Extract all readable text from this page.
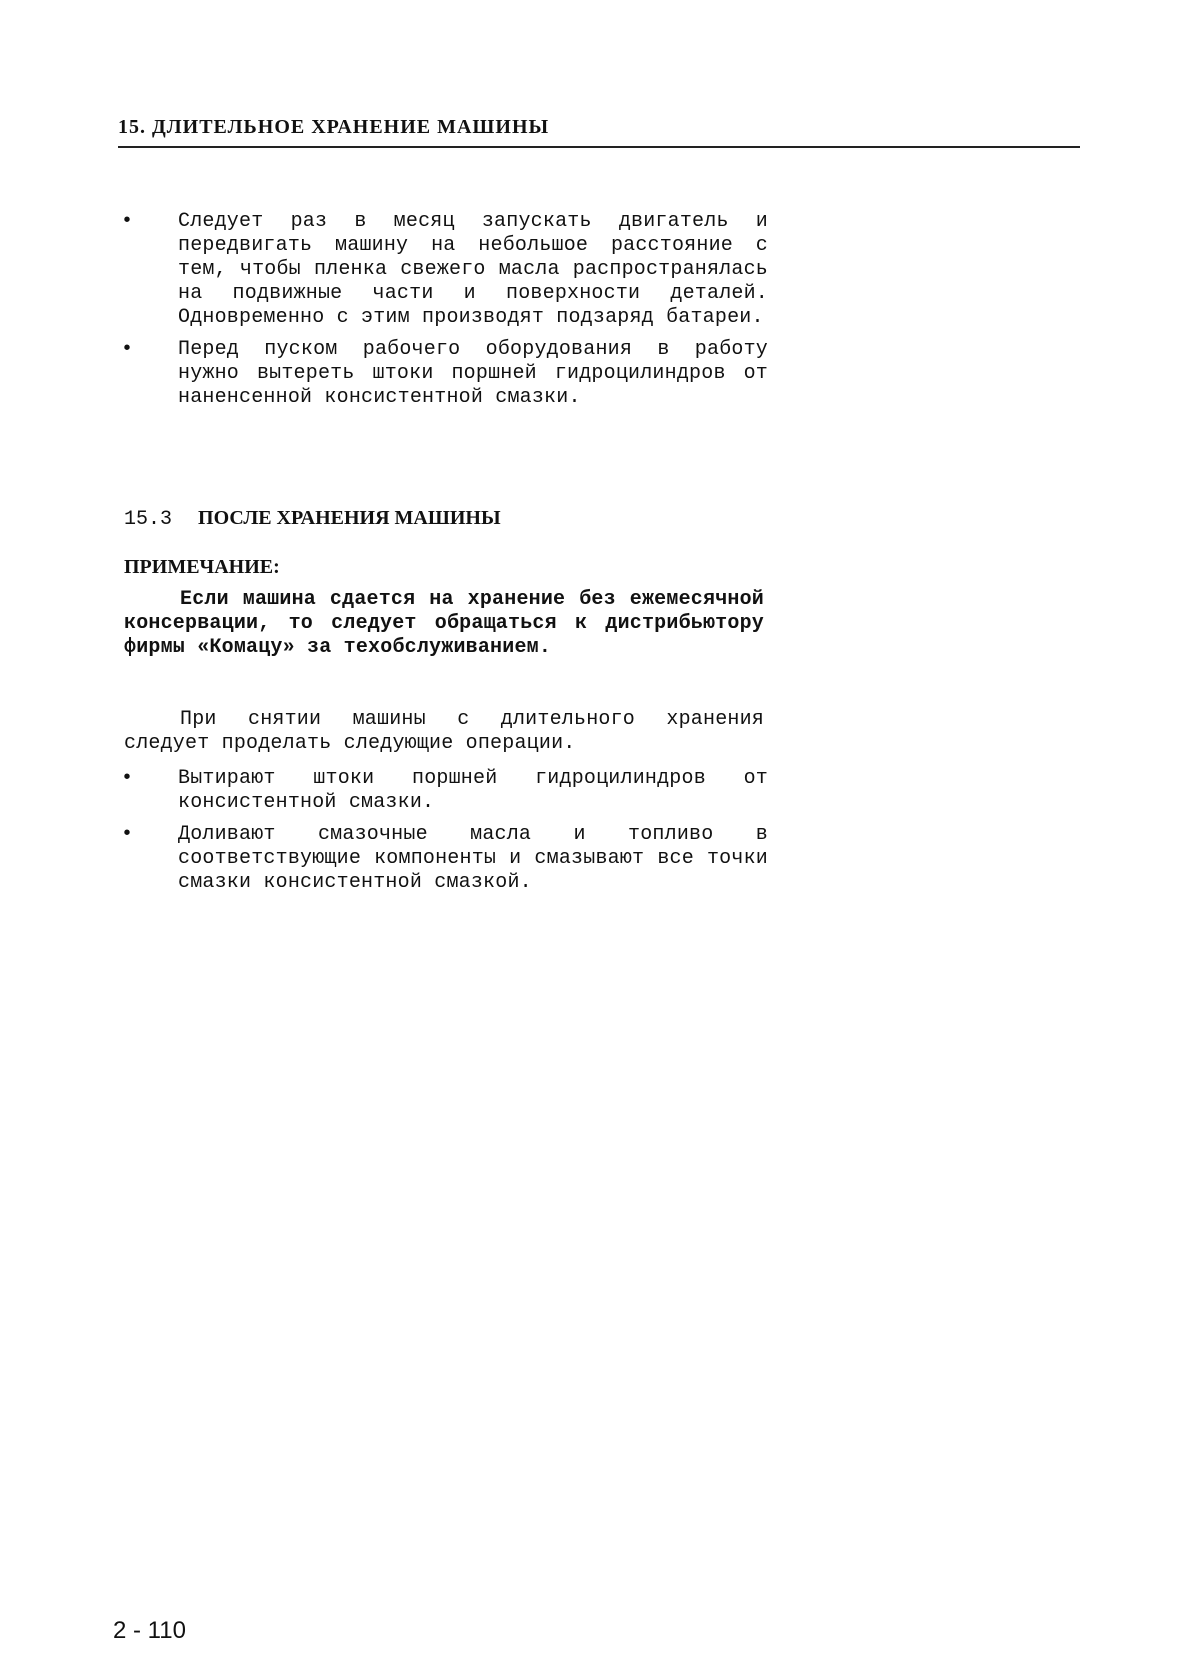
15. ДЛИТЕЛЬНОЕ ХРАНЕНИЕ МАШИНЫ
•	Следует раз в месяц запускать двигатель и передвигать машину на небольшое расстояние с тем, чтобы пленка свежего масла распространялась на подвижные части и поверхности деталей. Одновременно с этим производят подзаряд батареи.
•	Перед пуском рабочего оборудования в работу нужно вытереть штоки поршней гидроцилиндров от наненсенной консистентной смазки.
15.3 ПОСЛЕ ХРАНЕНИЯ МАШИНЫ
ПРИМЕЧАНИЕ:
Если машина сдается на хранение без ежемесячной консервации, то следует обращаться к дистрибьютору фирмы «Комацу» за техобслуживанием.
При снятии машины с длительного хранения следует проделать следующие операции.
•	Вытирают штоки поршней гидроцилиндров от консистентной смазки.
•	Доливают смазочные масла и топливо в соответствующие компоненты и смазывают все точки смазки консистентной смазкой.
2 - 110
